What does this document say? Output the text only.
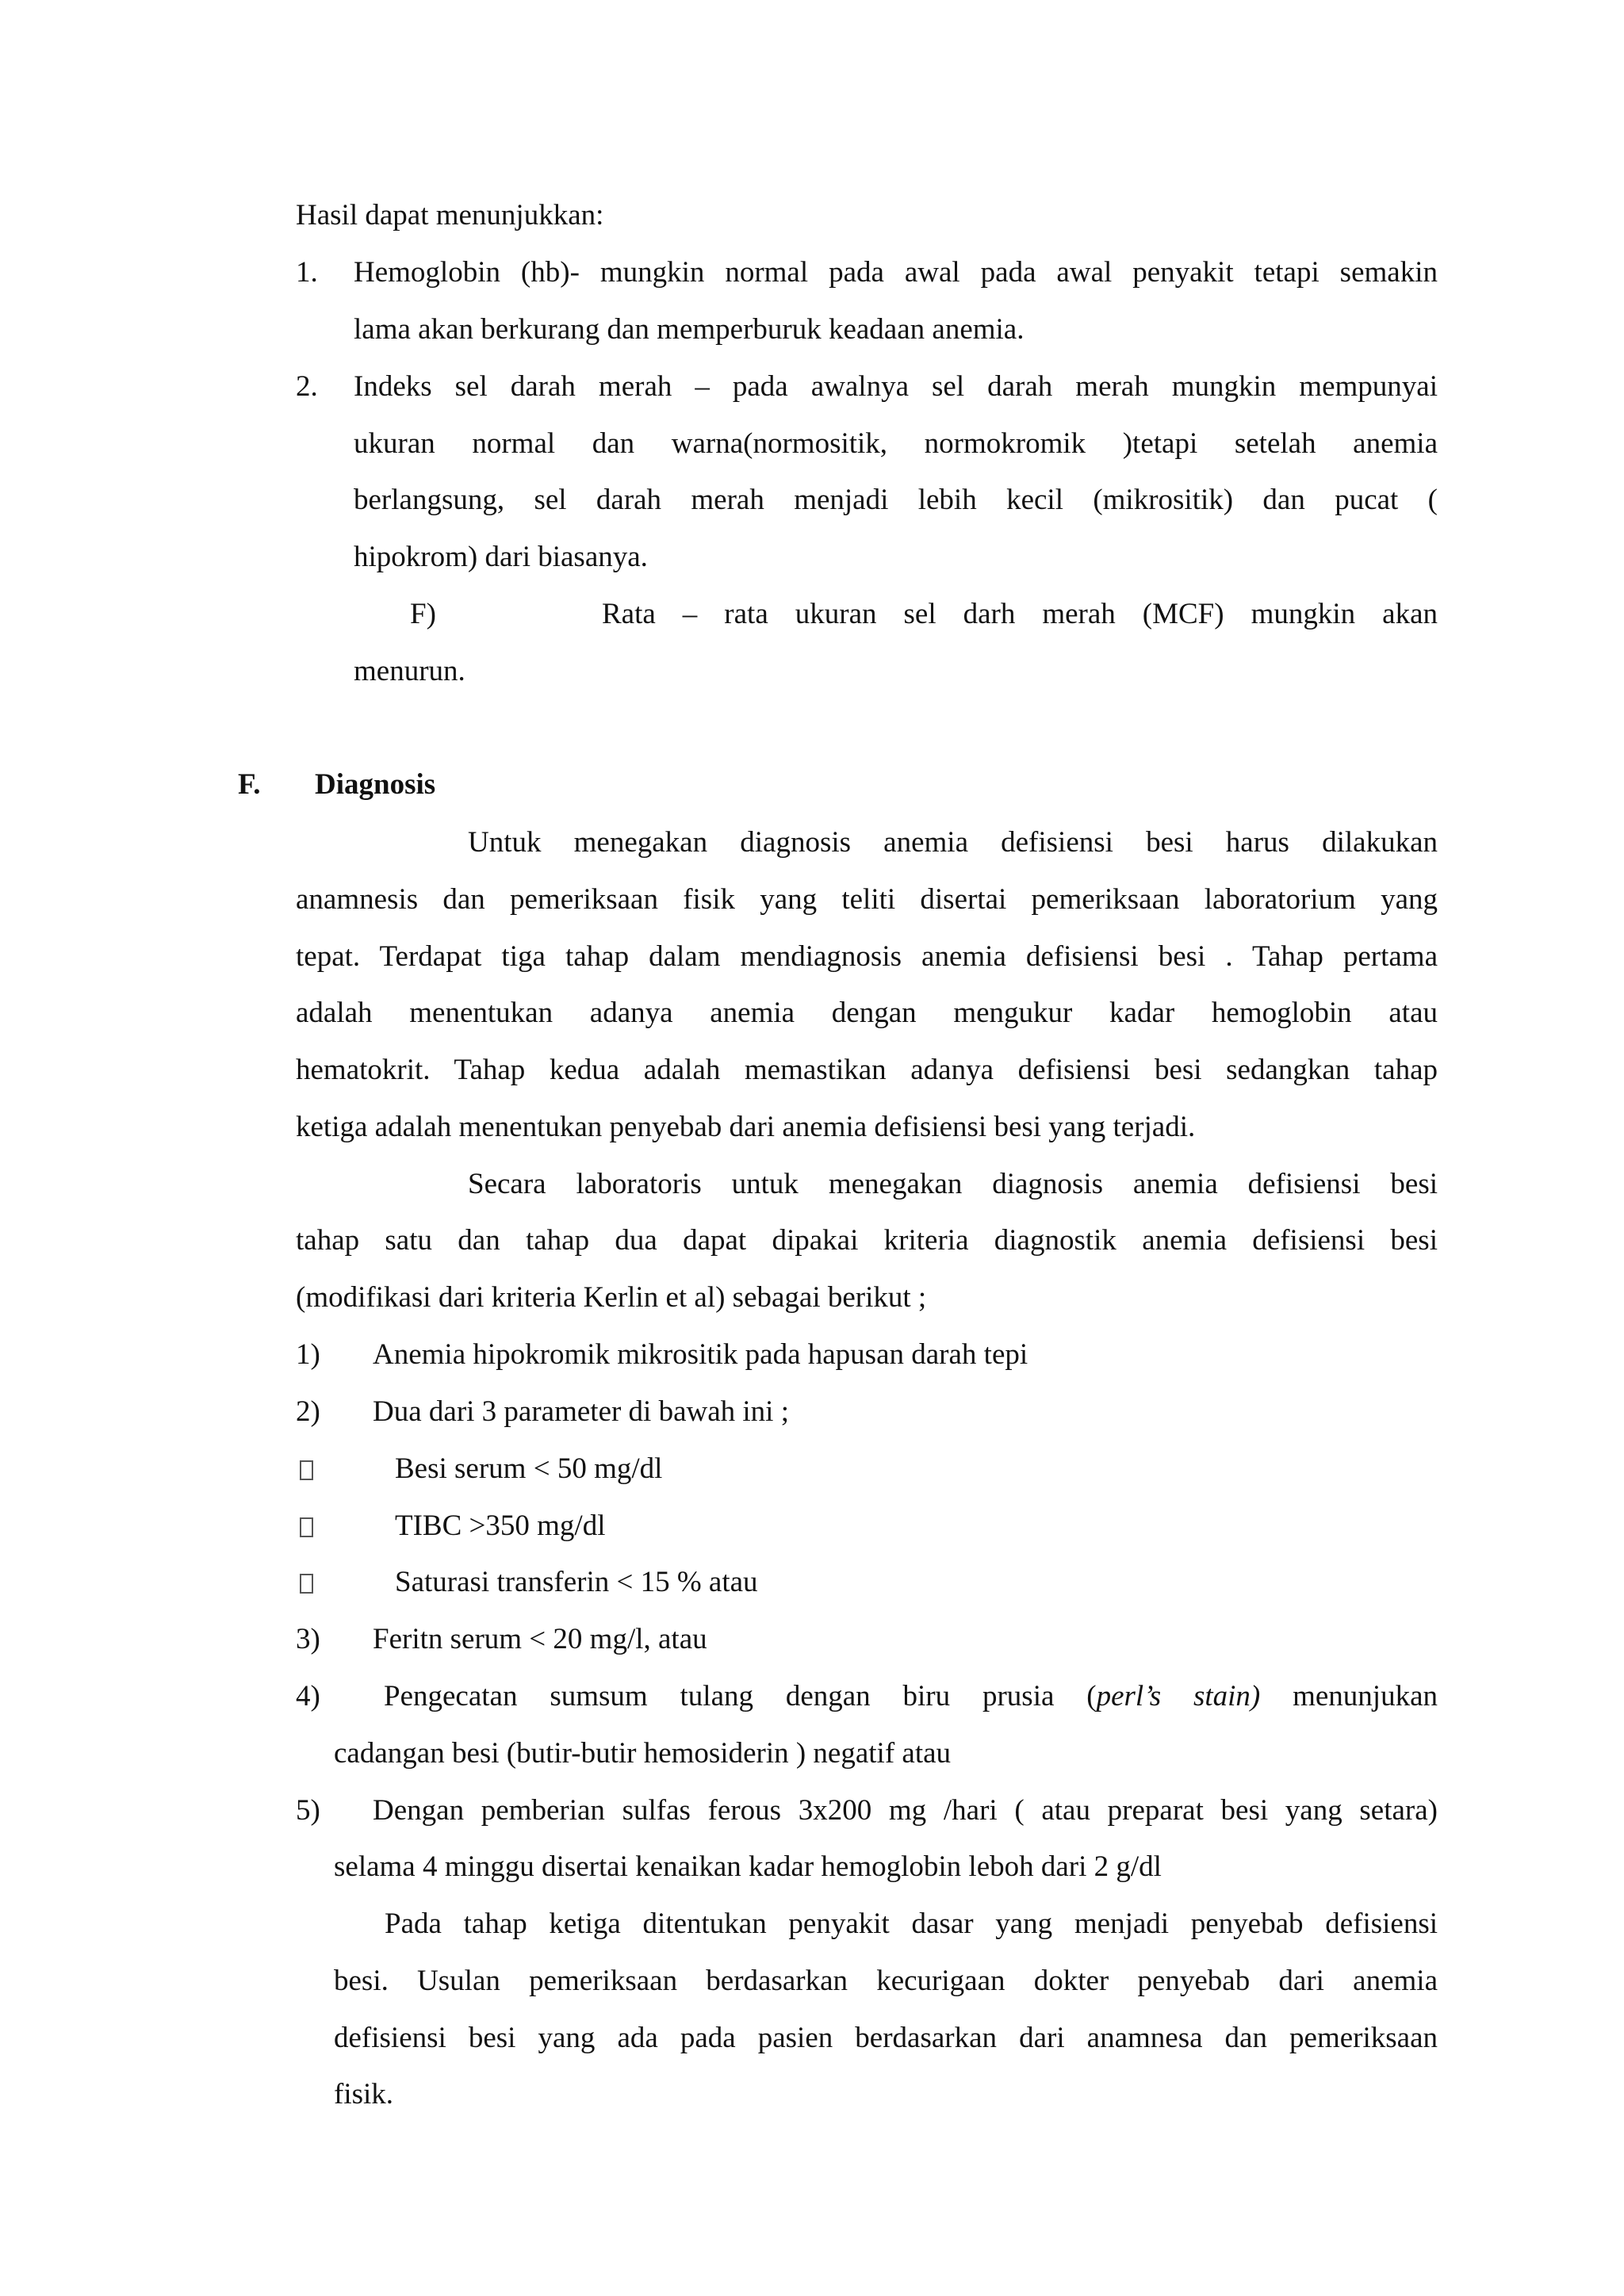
Hasil dapat menunjukkan:
1. Hemoglobin (hb)- mungkin normal pada awal pada awal penyakit tetapi semakin
lama akan berkurang dan memperburuk keadaan anemia.
2. Indeks sel darah merah – pada awalnya sel darah merah mungkin mempunyai
ukuran normal dan warna(normositik, normokromik )tetapi setelah anemia
berlangsung, sel darah merah menjadi lebih kecil (mikrositik) dan pucat (
hipokrom) dari biasanya.
F)	Rata – rata ukuran sel darh merah (MCF) mungkin akan
menurun.
F. Diagnosis
Untuk menegakan diagnosis anemia defisiensi besi harus dilakukan
anamnesis dan pemeriksaan fisik yang teliti disertai pemeriksaan laboratorium yang
tepat. Terdapat tiga tahap dalam mendiagnosis anemia defisiensi besi . Tahap pertama
adalah menentukan adanya anemia dengan mengukur kadar hemoglobin atau
hematokrit. Tahap kedua adalah memastikan adanya defisiensi besi sedangkan tahap
ketiga adalah menentukan penyebab dari anemia defisiensi besi yang terjadi.
Secara laboratoris untuk menegakan diagnosis anemia defisiensi besi
tahap satu dan tahap dua dapat dipakai kriteria diagnostik anemia defisiensi besi
(modifikasi dari kriteria Kerlin et al) sebagai berikut ;
1) Anemia hipokromik mikrositik pada hapusan darah tepi
2) Dua dari 3 parameter di bawah ini ;
Besi serum < 50 mg/dl
TIBC >350 mg/dl
Saturasi transferin < 15 % atau
3) Feritn serum < 20 mg/l, atau
4) Pengecatan sumsum tulang dengan biru prusia (perl’s stain) menunjukan
cadangan besi (butir-butir hemosiderin ) negatif atau
5) Dengan pemberian sulfas ferous 3x200 mg /hari ( atau preparat besi yang setara)
selama 4 minggu disertai kenaikan kadar hemoglobin leboh dari 2 g/dl
Pada tahap ketiga ditentukan penyakit dasar yang menjadi penyebab defisiensi
besi. Usulan pemeriksaan berdasarkan kecurigaan dokter penyebab dari anemia
defisiensi besi yang ada pada pasien berdasarkan dari anamnesa dan pemeriksaan
fisik.
